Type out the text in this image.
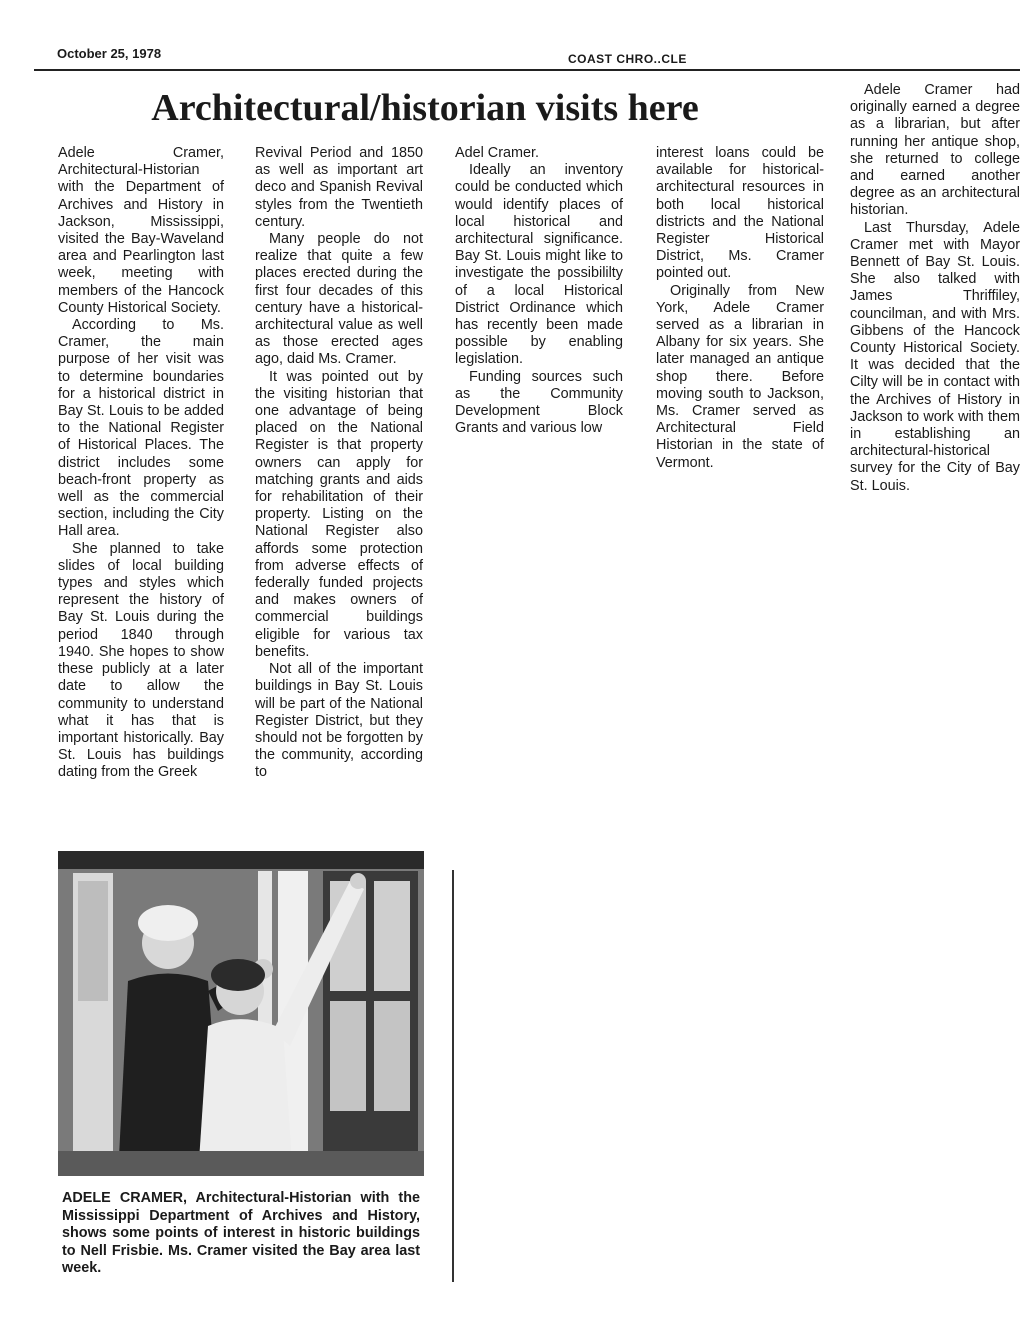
October 25, 1978	COAST CHRO..CLE
Architectural/historian visits here

Adele Cramer, Architectural-Historian with the Department of Archives and History in Jackson, Mississippi, visited the Bay-Waveland area and Pearlington last week, meeting with members of the Hancock County Historical Society.

According to Ms. Cramer, the main purpose of her visit was to determine boundaries for a historical district in Bay St. Louis to be added to the National Register of Historical Places. The district includes some beach-front property as well as the commercial section, including the City Hall area.

She planned to take slides of local building types and styles which represent the history of Bay St. Louis during the period 1840 through 1940. She hopes to show these publicly at a later date to allow the community to understand what it has that is important historically. Bay St. Louis has buildings dating from the Greek

Revival Period and 1850 as well as important art deco and Spanish Revival styles from the Twentieth century.

Many people do not realize that quite a few places erected during the first four decades of this century have a historical-architectural value as well as those erected ages ago, daid Ms. Cramer.

It was pointed out by the visiting historian that one advantage of being placed on the National Register is that property owners can apply for matching grants and aids for rehabilitation of their property. Listing on the National Register also affords some protection from adverse effects of federally funded projects and makes owners of commercial buildings eligible for various tax benefits.

Not all of the important buildings in Bay St. Louis will be part of the National Register District, but they should not be forgotten by the community, according to

Adel Cramer.

Ideally an inventory could be conducted which would identify places of local historical and architectural significance. Bay St. Louis might like to investigate the possibililty of a local Historical District Ordinance which has recently been made possible by enabling legislation.

Funding sources such as the Community Development Block Grants and various low

interest loans could be available for historical-architectural resources in both local historical districts and the National Register Historical District, Ms. Cramer pointed out.

Originally from New York, Adele Cramer served as a librarian in Albany for six years. She later managed an antique shop there. Before moving south to Jackson, Ms. Cramer served as Architectural Field Historian in the state of Vermont.

Adele Cramer had originally earned a degree as a librarian, but after running her antique shop, she returned to college and earned another degree as an architectural historian.

Last Thursday, Adele Cramer met with Mayor Bennett of Bay St. Louis. She also talked with James Thriffiley, councilman, and with Mrs. Gibbens of the Hancock County Historical Society. It was decided that the Cilty will be in contact with the Archives of History in Jackson to work with them in establishing an architectural-historical survey for the City of Bay St. Louis.

ADELE CRAMER, Architectural-Historian with the Mississippi Department of Archives and History, shows some points of interest in historic buildings to Nell Frisbie. Ms. Cramer visited the Bay area last week.
